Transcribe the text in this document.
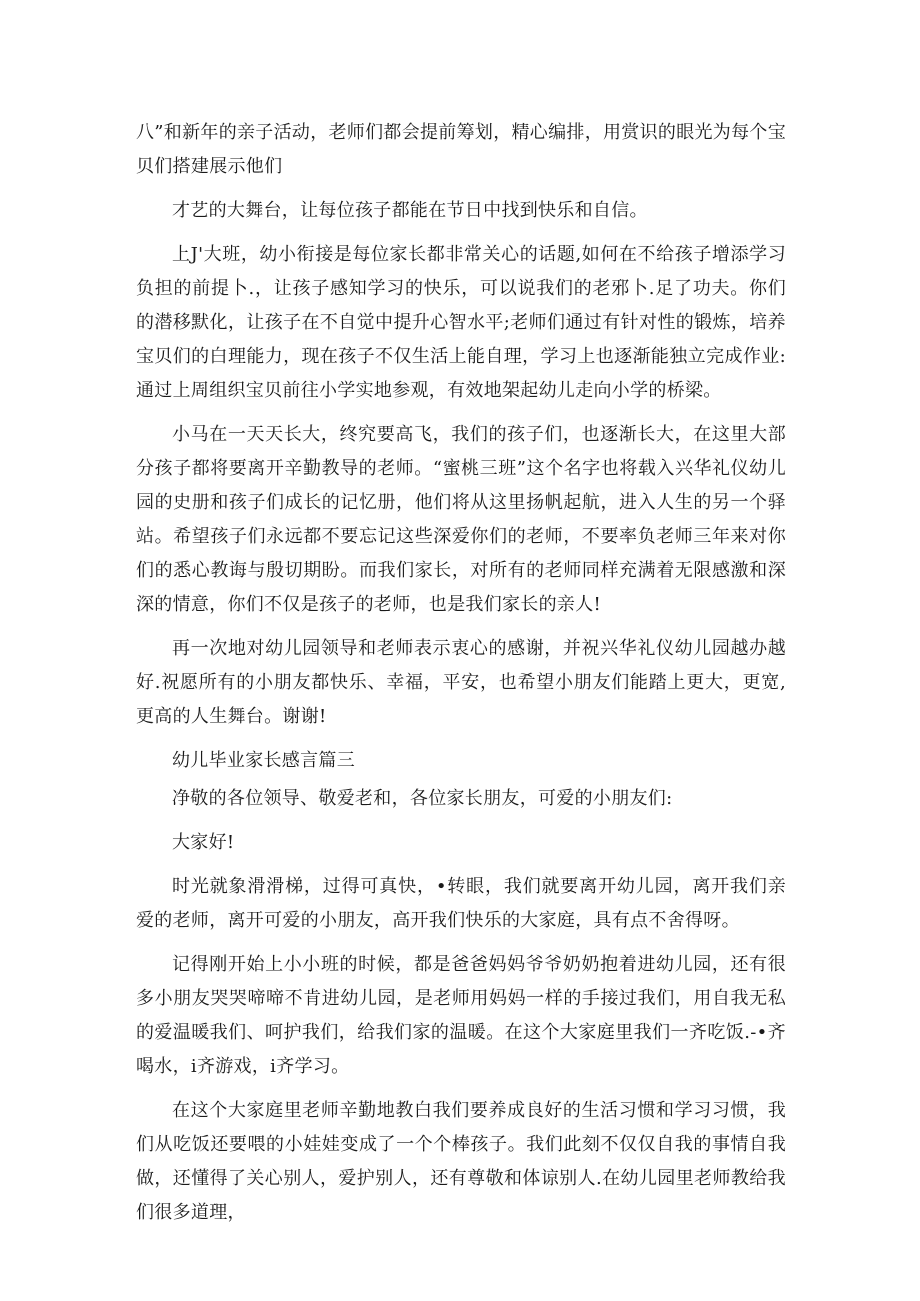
八”和新年的亲子活动，老师们都会提前筹划，精心编排，用赏识的眼光为每个宝贝们搭建展示他们

才艺的大舞台，让每位孩子都能在节日中找到快乐和自信。

上J'大班，幼小衔接是每位家长都非常关心的话题,如何在不给孩子增添学习负担的前提卜.，让孩子感知学习的快乐，可以说我们的老邪卜.足了功夫。你们的潜移默化，让孩子在不自觉中提升心智水平;老师们通过有针对性的锻炼，培养宝贝们的白理能力，现在孩子不仅生活上能自理，学习上也逐渐能独立完成作业:通过上周组织宝贝前往小学实地参观，有效地架起幼儿走向小学的桥梁。

小马在一天天长大，终究要高飞，我们的孩子们，也逐渐长大，在这里大部分孩子都将要离开辛勤教导的老师。“蜜桃三班”这个名字也将载入兴华礼仪幼儿园的史册和孩子们成长的记忆册，他们将从这里扬帆起航，进入人生的另一个驿站。希望孩子们永远都不要忘记这些深爱你们的老师，不要率负老师三年来对你们的悉心教诲与殷切期盼。而我们家长，对所有的老师同样充满着无限感激和深深的情意，你们不仅是孩子的老师，也是我们家长的亲人!

再一次地对幼儿园领导和老师表示衷心的感谢，并祝兴华礼仪幼儿园越办越好.祝愿所有的小朋友都快乐、幸福，平安，也希望小朋友们能踏上更大，更宽,更高的人生舞台。谢谢!

幼儿毕业家长感言篇三

净敬的各位领导、敬爱老和，各位家长朋友，可爱的小朋友们:

大家好!

时光就象滑滑梯，过得可真快，•转眼，我们就要离开幼儿园，离开我们亲爱的老师，离开可爱的小朋友，高开我们快乐的大家庭，具有点不舍得呀。

记得刚开始上小小班的时候，都是爸爸妈妈爷爷奶奶抱着进幼儿园，还有很多小朋友哭哭啼啼不肯进幼儿园，是老师用妈妈一样的手接过我们，用自我无私的爱温暖我们、呵护我们，给我们家的温暖。在这个大家庭里我们一齐吃饭.-•齐喝水，i齐游戏，i齐学习。

在这个大家庭里老师辛勤地教白我们要养成良好的生活习惯和学习习惯，我们从吃饭还要喂的小娃娃变成了一个个棒孩子。我们此刻不仅仅自我的事情自我做，还懂得了关心别人，爱护别人，还有尊敬和体谅别人.在幼儿园里老师教给我们很多道理，
